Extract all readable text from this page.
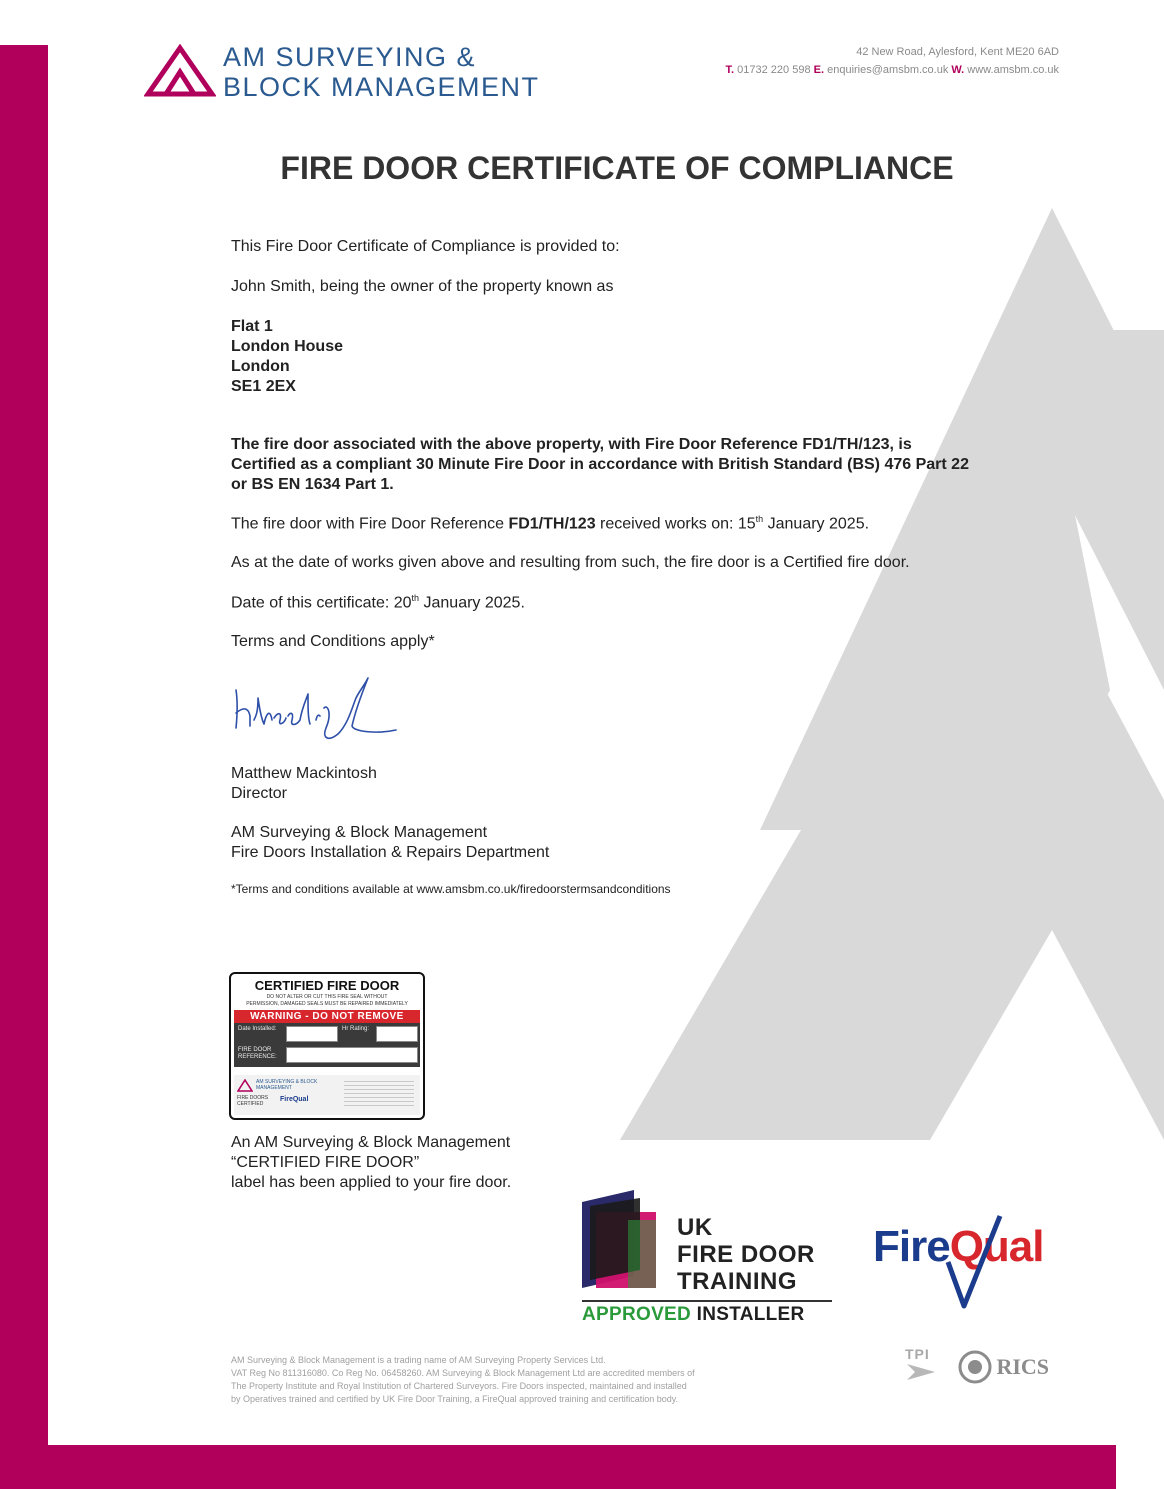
AM SURVEYING &
BLOCK MANAGEMENT
42 New Road, Aylesford, Kent ME20 6AD
T. 01732 220 598 E. enquiries@amsbm.co.uk W. www.amsbm.co.uk
FIRE DOOR CERTIFICATE OF COMPLIANCE
This Fire Door Certificate of Compliance is provided to:
John Smith, being the owner of the property known as
Flat 1
London House
London
SE1 2EX
The fire door associated with the above property, with Fire Door Reference FD1/TH/123, is
Certified as a compliant 30 Minute Fire Door in accordance with British Standard (BS) 476 Part 22
or BS EN 1634 Part 1.
The fire door with Fire Door Reference FD1/TH/123 received works on: 15th January 2025.
As at the date of works given above and resulting from such, the fire door is a Certified fire door.
Date of this certificate: 20th January 2025.
Terms and Conditions apply*
Matthew Mackintosh
Director
AM Surveying & Block Management
Fire Doors Installation & Repairs Department
*Terms and conditions available at www.amsbm.co.uk/firedoorstermsandconditions
CERTIFIED FIRE DOOR
DO NOT ALTER OR CUT THIS FIRE SEAL WITHOUT
PERMISSION, DAMAGED SEALS MUST BE REPAIRED IMMEDIATELY
WARNING - DO NOT REMOVE
Date Installed:	Hr Rating:
FIRE DOOR REFERENCE:
AM SURVEYING & BLOCK MANAGEMENT
FIRE DOORS CERTIFIED
FireQual
An AM Surveying & Block Management
“CERTIFIED FIRE DOOR”
label has been applied to your fire door.
UK
FIRE DOOR
TRAINING
APPROVED INSTALLER
FireQual
AM Surveying & Block Management is a trading name of AM Surveying Property Services Ltd.
VAT Reg No 811316080. Co Reg No. 06458260. AM Surveying & Block Management Ltd are accredited members of
The Property Institute and Royal Institution of Chartered Surveyors. Fire Doors inspected, maintained and installed
by Operatives trained and certified by UK Fire Door Training, a FireQual approved training and certification body.
TPI	RICS
